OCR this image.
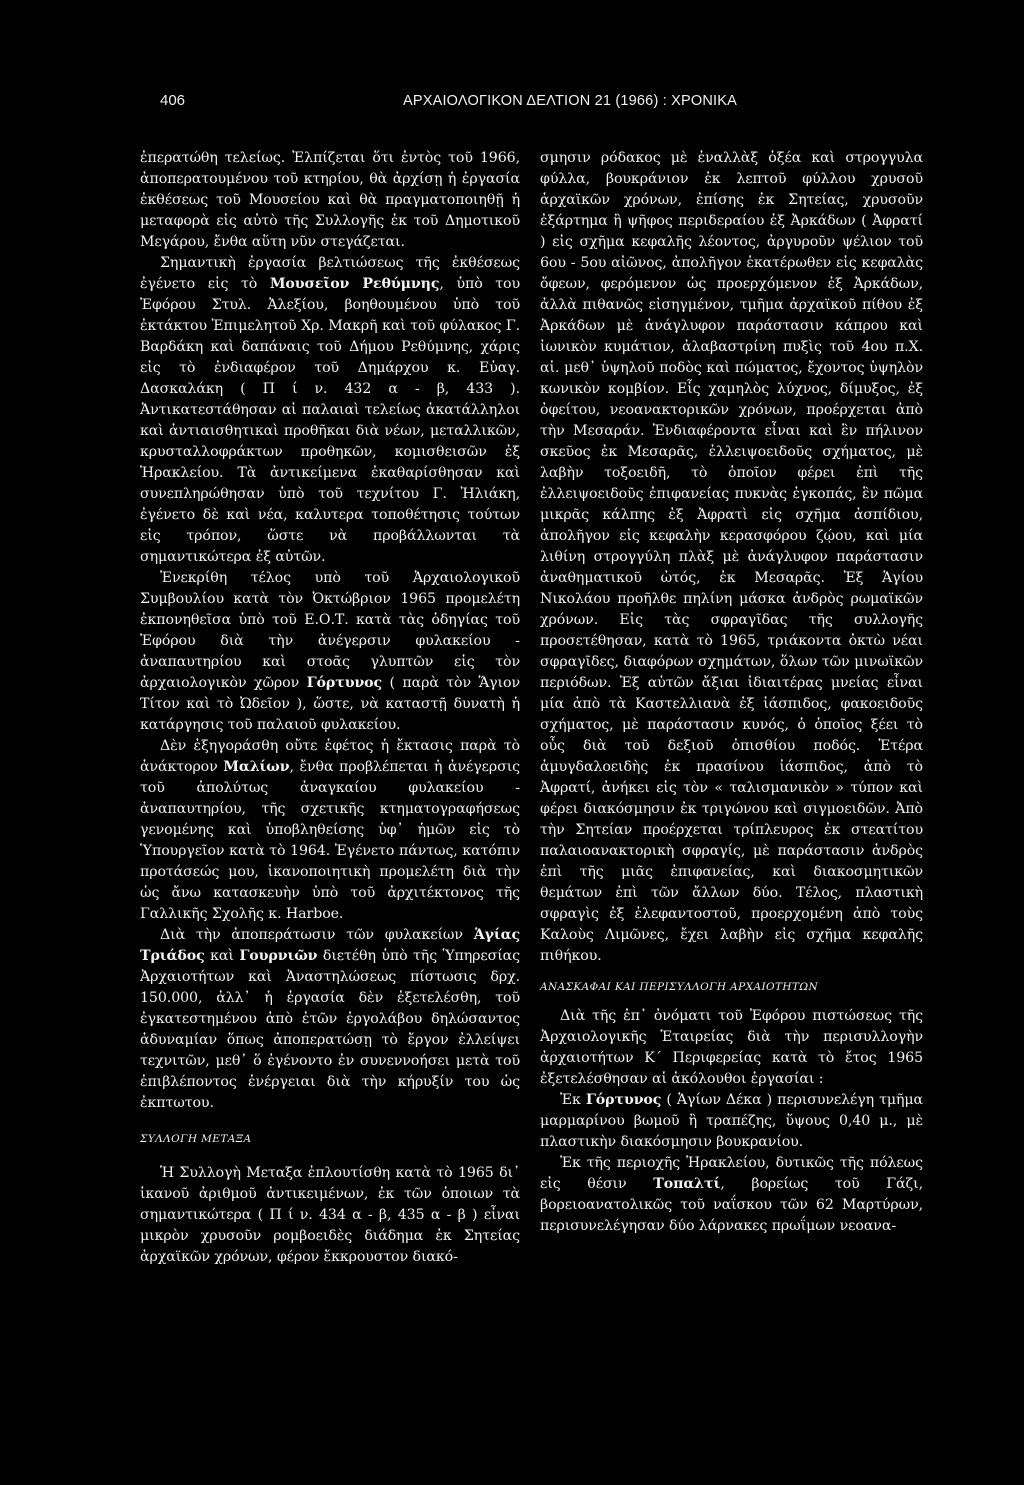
406	ΑΡΧΑΙΟΛΟΓΙΚΟΝ ΔΕΛΤΙΟΝ 21 (1966) : ΧΡΟΝΙΚΑ

ἐπερατώθη τελείως. Ἐλπίζεται ὅτι ἐντὸς τοῦ 1966, ἀποπερατουμένου τοῦ κτηρίου, θὰ ἀρχίσῃ ἡ ἐργασία ἐκθέσεως τοῦ Μουσείου καὶ θὰ πραγματοποιηθῇ ἡ μεταφορὰ εἰς αὐτὸ τῆς Συλλογῆς ἐκ τοῦ Δημοτικοῦ Μεγάρου, ἔνθα αὕτη νῦν στεγάζεται.

Σημαντικὴ ἐργασία βελτιώσεως τῆς ἐκθέσεως ἐγένετο εἰς τὸ Μουσεῖον Ρεθύμνης, ὑπὸ του Ἐφόρου Στυλ. Ἀλεξίου, βοηθουμένου ὑπὸ τοῦ ἐκτάκτου Ἐπιμελητοῦ Χρ. Μακρῆ καὶ τοῦ φύλακος Γ. Βαρδάκη καὶ δαπάναις τοῦ Δήμου Ρεθύμνης, χάρις εἰς τὸ ἐνδιαφέρον τοῦ Δημάρχου κ. Εὐαγ. Δασκαλάκη ( Π ί ν. 432 α - β, 433 ). Ἀντικατεστάθησαν αἱ παλαιαὶ τελείως ἀκατάλληλοι καὶ ἀντιαισθητικαὶ προθῆκαι διὰ νέων, μεταλλικῶν, κρυσταλλοφράκτων προθηκῶν, κομισθεισῶν ἐξ Ἡρακλείου. Τὰ ἀντικείμενα ἐκαθαρίσθησαν καὶ συνεπληρώθησαν ὑπὸ τοῦ τεχνίτου Γ. Ἠλιάκη, ἐγένετο δὲ καὶ νέα, καλυτερα τοποθέτησις τούτων εἰς τρόπον, ὥστε νὰ προβάλλωνται τὰ σημαντικώτερα ἐξ αὐτῶν.

Ἐνεκρίθη τέλος υπὸ τοῦ Ἀρχαιολογικοῦ Συμβουλίου κατὰ τὸν Ὀκτώβριον 1965 προμελέτη ἐκπονηθεῖσα ὑπὸ τοῦ Ε.Ο.Τ. κατὰ τὰς ὁδηγίας τοῦ Ἐφόρου διὰ τὴν ἀνέγερσιν φυλακείου - ἀναπαυτηρίου καὶ στοᾶς γλυπτῶν εἰς τὸν ἀρχαιολογικὸν χῶρον Γόρτυνος ( παρὰ τὸν Ἅγιον Τίτον καὶ τὸ Ὠδεῖον ), ὥστε, νὰ καταστῇ δυνατὴ ἡ κατάργησις τοῦ παλαιοῦ φυλακείου.

Δὲν ἐξηγοράσθη οὔτε ἐφέτος ἡ ἔκτασις παρὰ τὸ ἀνάκτορον Μαλίων, ἔνθα προβλέπεται ἡ ἀνέγερσις τοῦ ἀπολύτως ἀναγκαίου φυλακείου - ἀναπαυτηρίου, τῆς σχετικῆς κτηματογραφήσεως γενομένης καὶ ὑποβληθείσης ὑφ᾽ ἡμῶν εἰς τὸ Ὑπουργεῖον κατὰ τὸ 1964. Ἐγένετο πάντως, κατόπιν προτάσεώς μου, ἱκανοποιητικὴ προμελέτη διὰ τὴν ὡς ἄνω κατασκευὴν ὑπὸ τοῦ ἀρχιτέκτονος τῆς Γαλλικῆς Σχολῆς κ. Harboe.

Διὰ τὴν ἀποπεράτωσιν τῶν φυλακείων Ἁγίας Τριάδος καὶ Γουρνιῶν διετέθη ὑπὸ τῆς Ὑπηρεσίας Ἀρχαιοτήτων καὶ Ἀναστηλώσεως πίστωσις δρχ. 150.000, ἀλλ᾽ ἡ ἐργασία δὲν ἐξετελέσθη, τοῦ ἐγκατεστημένου ἀπὸ ἐτῶν ἐργολάβου δηλώσαντος ἀδυναμίαν ὅπως ἀποπερατώσῃ τὸ ἔργον ἐλλείψει τεχνιτῶν, μεθ᾽ ὅ ἐγένοντο ἐν συνεννοήσει μετὰ τοῦ ἐπιβλέποντος ἐνέργειαι διὰ τὴν κήρυξίν του ὡς ἐκπτωτου.

ΣΥΛΛΟΓΗ ΜΕΤΑΞΑ

Ἡ Συλλογὴ Μεταξα ἐπλουτίσθη κατὰ τὸ 1965 δι᾽ ἱκανοῦ ἀριθμοῦ ἀντικειμένων, ἐκ τῶν ὁποιων τὰ σημαντικώτερα ( Π ί ν. 434 α - β, 435 α - β ) εἶναι μικρὸν χρυσοῦν ρομβοειδὲς διάδημα ἐκ Σητείας ἀρχαϊκῶν χρόνων, φέρον ἔκκρουστον διακό-

σμησιν ρόδακος μὲ ἐναλλὰξ ὀξέα καὶ στρογγυλα φύλλα, βουκράνιον ἐκ λεπτοῦ φύλλου χρυσοῦ ἀρχαϊκῶν χρόνων, ἐπίσης ἐκ Σητείας, χρυσοῦν ἐξάρτημα ἢ ψῆφος περιδεραίου ἐξ Ἀρκάδων ( Ἀφρατί ) εἰς σχῆμα κεφαλῆς λέοντος, ἀργυροῦν ψέλιον τοῦ 6ου - 5ου αἰῶνος, ἀπολῆγον ἑκατέρωθεν εἰς κεφαλὰς ὄφεων, φερόμενον ὡς προερχόμενον ἐξ Ἀρκάδων, ἀλλὰ πιθανῶς εἰσηγμένον, τμῆμα ἀρχαϊκοῦ πίθου ἐξ Ἀρκάδων μὲ ἀνάγλυφον παράστασιν κάπρου καὶ ἰωνικὸν κυμάτιον, ἀλαβαστρίνη πυξὶς τοῦ 4ου π.Χ. αἰ. μεθ᾽ ὑψηλοῦ ποδὸς καὶ πώματος, ἔχοντος ὑψηλὸν κωνικὸν κομβίον. Εἷς χαμηλὸς λύχνος, δίμυξος, ἐξ ὀφείτου, νεοανακτορικῶν χρόνων, προέρχεται ἀπὸ τὴν Μεσαράν. Ἐνδιαφέροντα εἶναι καὶ ἓν πήλινον σκεῦος ἐκ Μεσαρᾶς, ἐλλειψοειδοῦς σχήματος, μὲ λαβὴν τοξοειδῆ, τὸ ὁποῖον φέρει ἐπὶ τῆς ἐλλειψοειδοῦς ἐπιφανείας πυκνὰς ἐγκοπάς, ἓν πῶμα μικρᾶς κάλπης ἐξ Ἀφρατὶ εἰς σχῆμα ἀσπίδιου, ἀπολῆγον εἰς κεφαλὴν κερασφόρου ζῴου, καὶ μία λιθίνη στρογγύλη πλὰξ μὲ ἀνάγλυφον παράστασιν ἀναθηματικοῦ ὠτός, ἐκ Μεσαρᾶς. Ἐξ Ἁγίου Νικολάου προῆλθε πηλίνη μάσκα ἀνδρὸς ρωμαϊκῶν χρόνων. Εἰς τὰς σφραγῖδας τῆς συλλογῆς προσετέθησαν, κατὰ τὸ 1965, τριάκοντα ὀκτὼ νέαι σφραγῖδες, διαφόρων σχημάτων, ὅλων τῶν μινωϊκῶν περιόδων. Ἐξ αὐτῶν ἄξιαι ἰδιαιτέρας μνείας εἶναι μία ἀπὸ τὰ Καστελλιανὰ ἐξ ἰάσπιδος, φακοειδοῦς σχήματος, μὲ παράστασιν κυνός, ὁ ὁποῖος ξέει τὸ οὖς διὰ τοῦ δεξιοῦ ὀπισθίου ποδός. Ἑτέρα ἀμυγδαλοειδὴς ἐκ πρασίνου ἰάσπιδος, ἀπὸ τὸ Ἀφρατί, ἀνήκει εἰς τὸν « ταλισμανικὸν » τύπον καὶ φέρει διακόσμησιν ἐκ τριγώνου καὶ σιγμοειδῶν. Ἀπὸ τὴν Σητείαν προέρχεται τρίπλευρος ἐκ στεατίτου παλαιοανακτορικὴ σφραγίς, μὲ παράστασιν ἀνδρὸς ἐπὶ τῆς μιᾶς ἐπιφανείας, καὶ διακοσμητικῶν θεμάτων ἐπὶ τῶν ἄλλων δύο. Τέλος, πλαστικὴ σφραγὶς ἐξ ἐλεφαντοστοῦ, προερχομένη ἀπὸ τοὺς Καλοὺς Λιμῶνες, ἔχει λαβὴν εἰς σχῆμα κεφαλῆς πιθήκου.

ΑΝΑΣΚΑΦΑΙ ΚΑΙ ΠΕΡΙΣΥΛΛΟΓΗ ΑΡΧΑΙΟΤΗΤΩΝ

Διὰ τῆς ἐπ᾽ ὀνόματι τοῦ Ἐφόρου πιστώσεως τῆς Ἀρχαιολογικῆς Ἑταιρείας διὰ τὴν περισυλλογὴν ἀρχαιοτήτων Κ´ Περιφερείας κατὰ τὸ ἔτος 1965 ἐξετελέσθησαν αἱ ἀκόλουθοι ἐργασίαι :

Ἐκ Γόρτυνος ( Ἁγίων Δέκα ) περισυνελέγη τμῆμα μαρμαρίνου βωμοῦ ἢ τραπέζης, ὕψους 0,40 μ., μὲ πλαστικὴν διακόσμησιν βουκρανίου.

Ἐκ τῆς περιοχῆς Ἡρακλείου, δυτικῶς τῆς πόλεως εἰς θέσιν Τοπαλτί, βορείως τοῦ Γάζι, βορειοανατολικῶς τοῦ ναΐσκου τῶν 62 Μαρτύρων, περισυνελέγησαν δύο λάρνακες πρωΐμων νεοανα-
